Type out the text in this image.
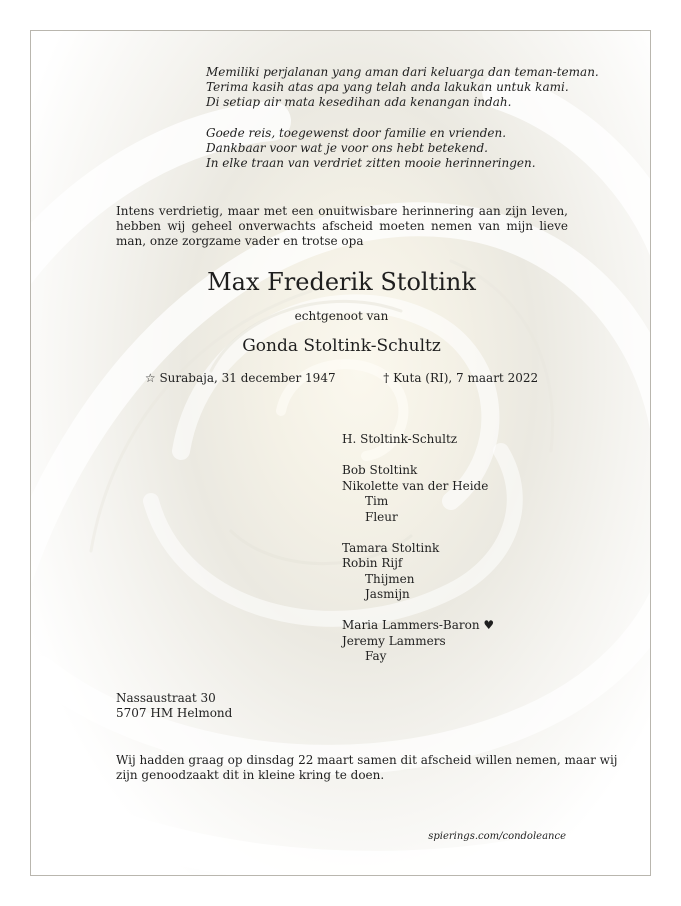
Memiliki perjalanan yang aman dari keluarga dan teman-teman.
Terima kasih atas apa yang telah anda lakukan untuk kami.
Di setiap air mata kesedihan ada kenangan indah.
Goede reis, toegewenst door familie en vrienden.
Dankbaar voor wat je voor ons hebt betekend.
In elke traan van verdriet zitten mooie herinneringen.
Intens verdrietig, maar met een onuitwisbare herinnering aan zijn leven, hebben wij geheel onverwachts afscheid moeten nemen van mijn lieve man, onze zorgzame vader en trotse opa
Max Frederik Stoltink
echtgenoot van
Gonda Stoltink-Schultz
☆ Surabaja, 31 december 1947	† Kuta (RI), 7 maart 2022
H. Stoltink-Schultz
Bob Stoltink
Nikolette van der Heide
Tim
Fleur
Tamara Stoltink
Robin Rijf
Thijmen
Jasmijn
Maria Lammers-Baron ♥
Jeremy Lammers
Fay
Nassaustraat 30
5707 HM Helmond
Wij hadden graag op dinsdag 22 maart samen dit afscheid willen nemen, maar wij
zijn genoodzaakt dit in kleine kring te doen.
spierings.com/condoleance
